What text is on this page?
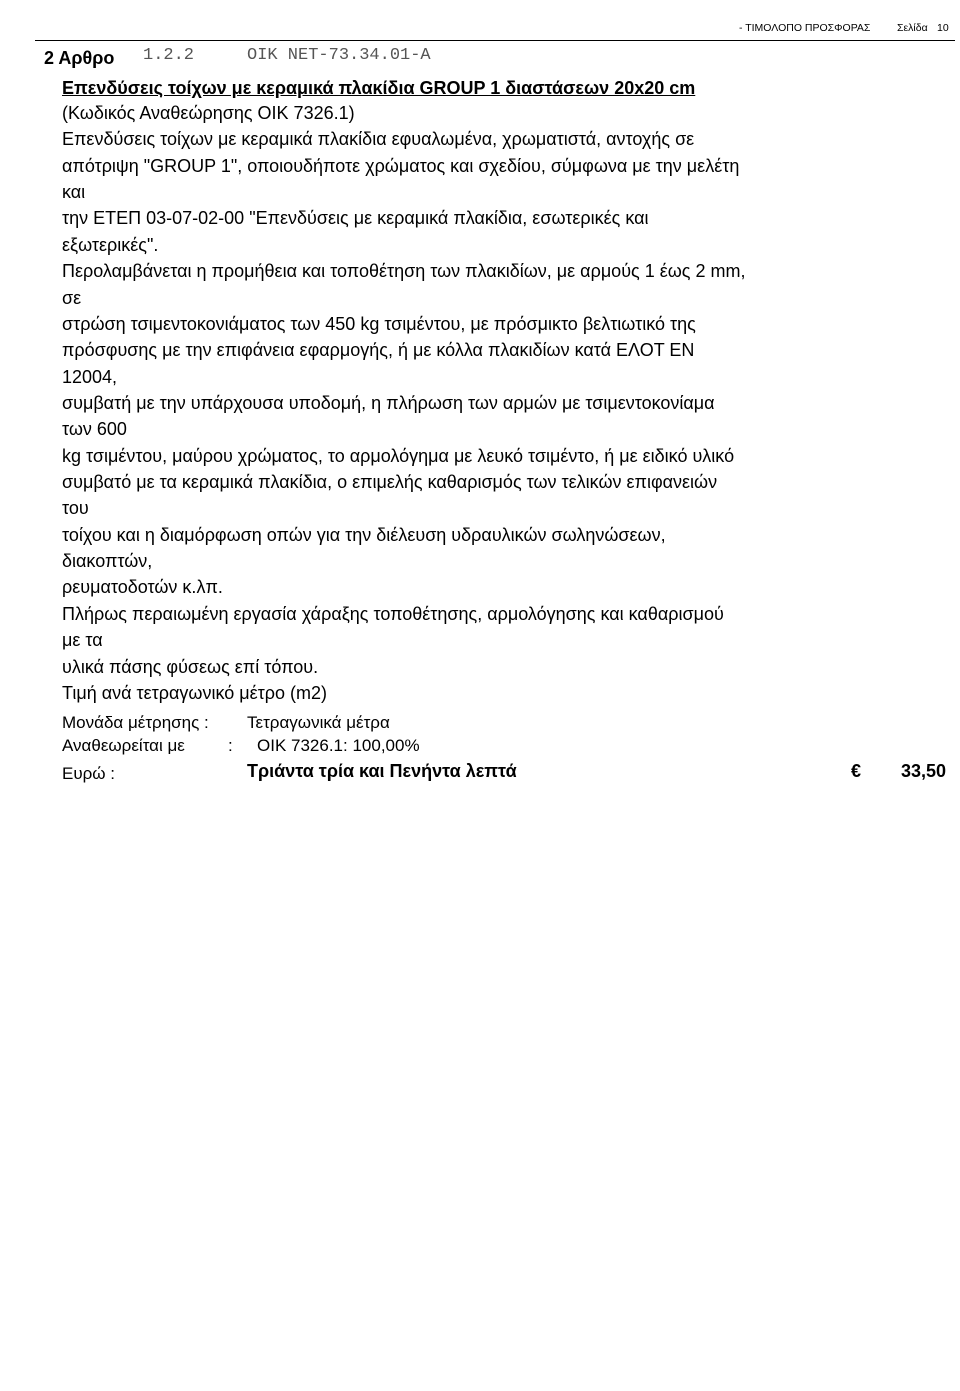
- ΤΙΜΟΛΟΠΟ ΠΡΟΣΦΟΡΑΣ	Σελίδα 10
2 Αρθρο 1.2.2	ΟΙΚ NET-73.34.01-A
Επενδύσεις τοίχων με κεραμικά πλακίδια GROUP 1 διαστάσεων 20x20 cm
(Κωδικός Αναθεώρησης ΟΙΚ 7326.1)
Επενδύσεις τοίχων με κεραμικά πλακίδια εφυαλωμένα, χρωματιστά, αντοχής σε
απότριψη "GROUP 1", οποιουδήποτε χρώματος και σχεδίου, σύμφωνα με την μελέτη
και
την ΕΤΕΠ 03-07-02-00 "Επενδύσεις με κεραμικά πλακίδια, εσωτερικές και
εξωτερικές".
Περολαμβάνεται η προμήθεια και τοποθέτηση των πλακιδίων, με αρμούς 1 έως 2 mm,
σε
στρώση τσιμεντοκονιάματος των 450 kg τσιμέντου, με πρόσμικτο βελτιωτικό της
πρόσφυσης με την επιφάνεια εφαρμογής, ή με κόλλα πλακιδίων κατά ΕΛΟΤ ΕΝ
12004,
συμβατή με την υπάρχουσα υποδομή, η πλήρωση των αρμών με τσιμεντοκονίαμα
των 600
kg τσιμέντου, μαύρου χρώματος, το αρμολόγημα με λευκό τσιμέντο, ή με ειδικό υλικό
συμβατό με τα κεραμικά πλακίδια, ο επιμελής καθαρισμός των τελικών επιφανειών
του
τοίχου και η διαμόρφωση οπών για την διέλευση υδραυλικών σωληνώσεων,
διακοπτών,
ρευματοδοτών κ.λπ.
Πλήρως περαιωμένη εργασία χάραξης τοποθέτησης, αρμολόγησης και καθαρισμού
με τα
υλικά πάσης φύσεως επί τόπου.
Τιμή ανά τετραγωνικό μέτρο (m2)
Μονάδα μέτρησης : Τετραγωνικά μέτρα
Αναθεωρείται με	: ΟΙΚ 7326.1: 100,00%
Ευρώ :	Τριάντα τρία και Πενήντα λεπτά	€ 33,50
